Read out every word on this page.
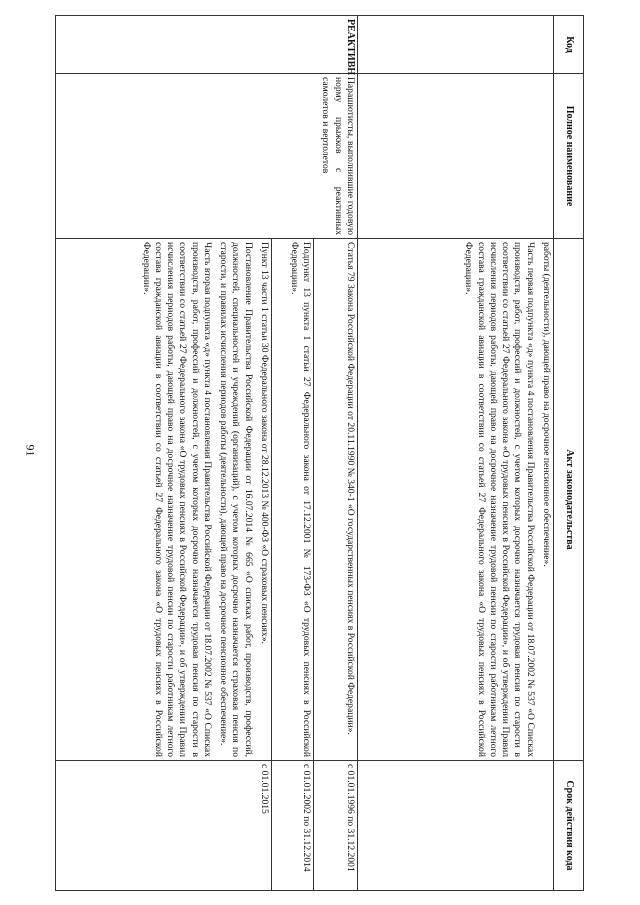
91
Код	Полное наименование	Акт законодательства	Срок действия кода

		работы (деятельности), дающей право на досрочное пенсионное обеспечение».

Часть первая подпункта «д» пункта 4 постановления Правительства Российской Федерации от 18.07.2002 № 537 «О Списках производств, работ, профессий и должностей, с учетом которых досрочно назначается трудовая пенсия по старости в соответствии со статьей 27 Федерального закона «О трудовых пенсиях в Российской Федерации», и об утверждении Правил исчисления периодов работы, дающей право на досрочное назначение трудовой пенсии по старости работникам летного состава гражданской авиации в соответствии со статьей 27 Федерального закона «О трудовых пенсиях в Российской Федерации».	

РЕАКТИВН	Парашютисты, выполнившие годовую норму прыжков с реактивных самолетов и вертолетов	Статья 79 Закона Российской Федерации от 20.11.1990 № 340-1 «О государственных пенсиях в Российской Федерации».	с 01.01.1996 по 31.12.2001

		Подпункт 13 пункта 1 статьи 27 Федерального закона от 17.12.2001 № 173-ФЗ «О трудовых пенсиях в Российской Федерации».	с 01.01.2002 по 31.12.2014

		Пункт 13 части 1 статьи 30 Федерального закона от 28.12.2013 № 400-ФЗ «О страховых пенсиях».

Постановление Правительства Российской Федерации от 16.07.2014 № 665 «О списках работ, производств, профессий, должностей, специальностей и учреждений (организаций), с учетом которых досрочно назначается страховая пенсия по старости, и правилах исчисления периодов работы (деятельности), дающей право на досрочное пенсионное обеспечение».

Часть вторая подпункта «д» пункта 4 постановления Правительства Российской Федерации от 18.07.2002 № 537 «О Списках производств, работ, профессий и должностей, с учетом которых досрочно назначается трудовая пенсия по старости в соответствии со статьей 27 Федерального закона «О трудовых пенсиях в Российской Федерации», и об утверждении Правил исчисления периодов работы, дающей право на досрочное назначение трудовой пенсии по старости работникам летного состава гражданской авиации в соответствии со статьей 27 Федерального закона «О трудовых пенсиях в Российской Федерации».	с 01.01.2015
